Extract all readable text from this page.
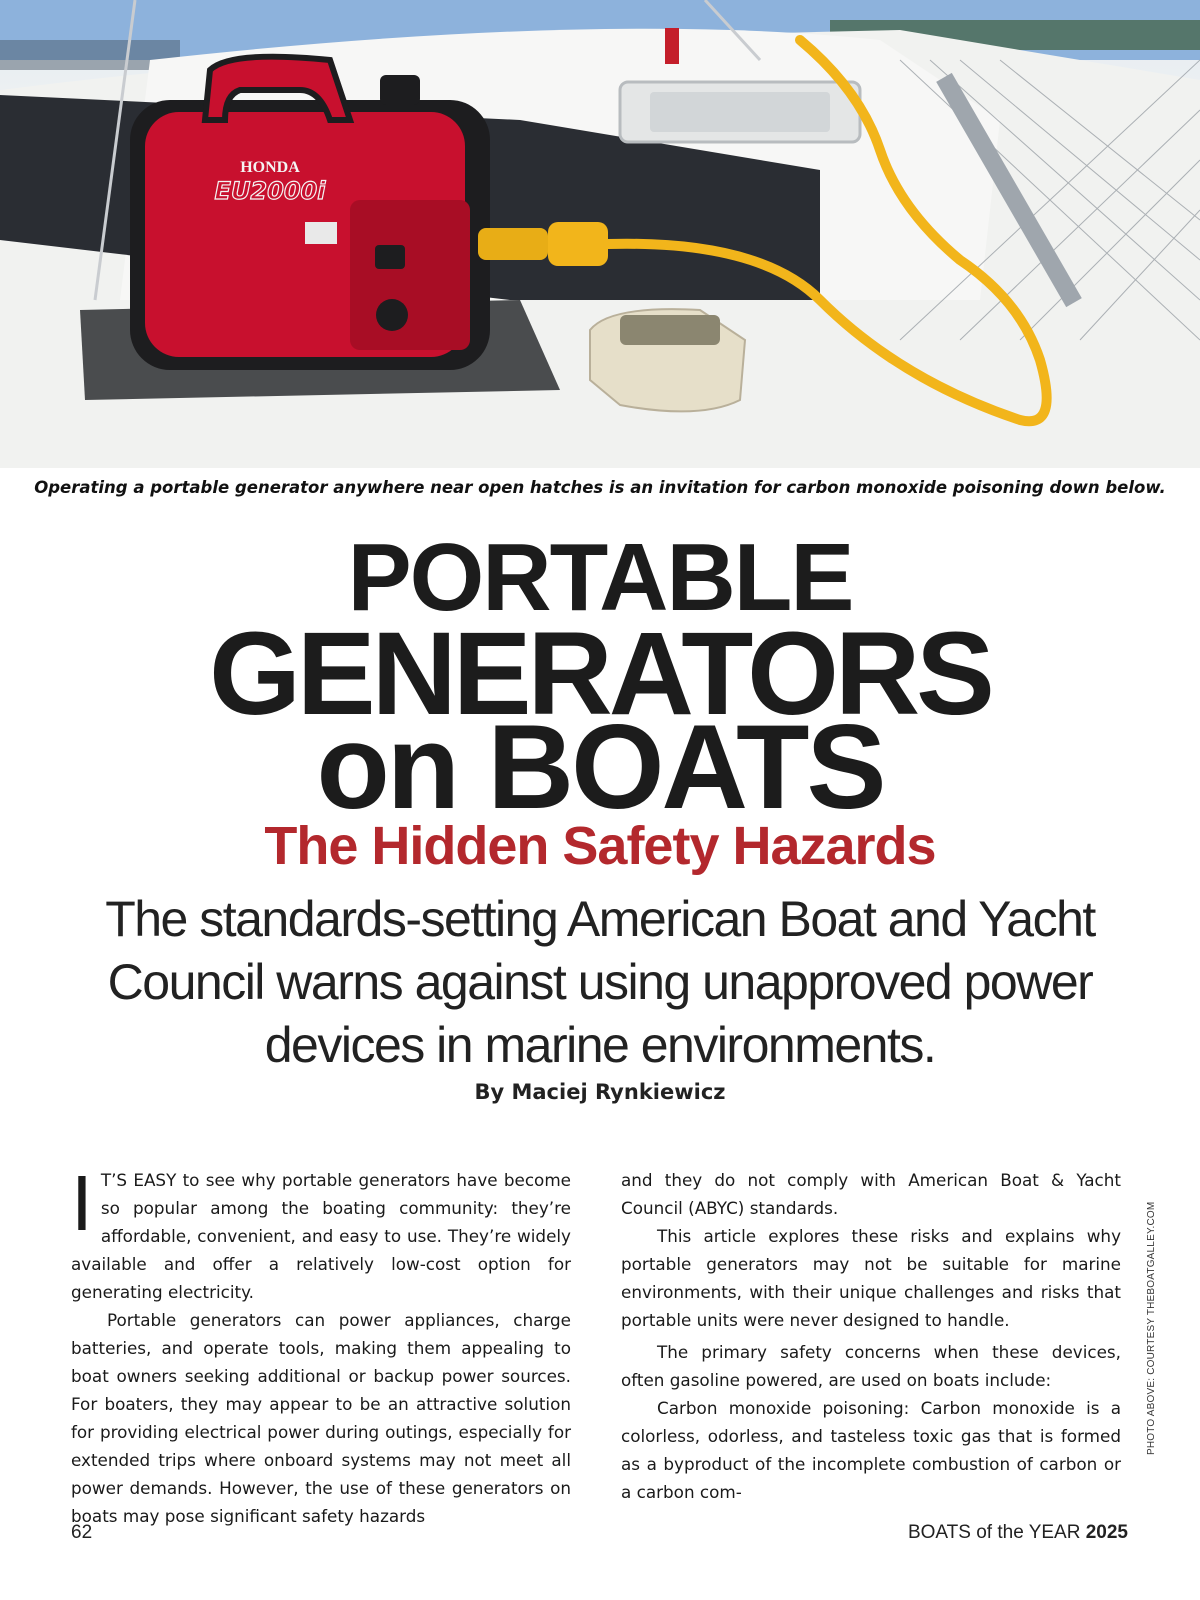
HONDA
EU2000i
Operating a portable generator anywhere near open hatches is an invitation for carbon monoxide poisoning down below.
PORTABLE
GENERATORS
on BOATS
The Hidden Safety Hazards
The standards-setting American Boat and Yacht Council warns against using unapproved power devices in marine environments.
By Maciej Rynkiewicz

I T’S EASY to see why portable generators have become so popular among the boating community: they’re affordable, convenient, and easy to use. They’re widely available and offer a relatively low-cost option for generating electricity.

Portable generators can power appliances, charge batteries, and operate tools, making them appealing to boat owners seeking additional or backup power sources. For boaters, they may appear to be an attractive solution for providing electrical power during outings, especially for extended trips where onboard systems may not meet all power demands. However, the use of these generators on boats may pose significant safety hazards

and they do not comply with American Boat & Yacht Council (ABYC) standards.

This article explores these risks and explains why portable generators may not be suitable for marine environments, with their unique challenges and risks that portable units were never designed to handle.

The primary safety concerns when these devices, often gasoline powered, are used on boats include:

Carbon monoxide poisoning: Carbon monoxide is a colorless, odorless, and tasteless toxic gas that is formed as a byproduct of the incomplete combustion of carbon or a carbon com-

PHOTO ABOVE: COURTESY THEBOATGALLEY.COM
62	BOATS of the YEAR 2025
